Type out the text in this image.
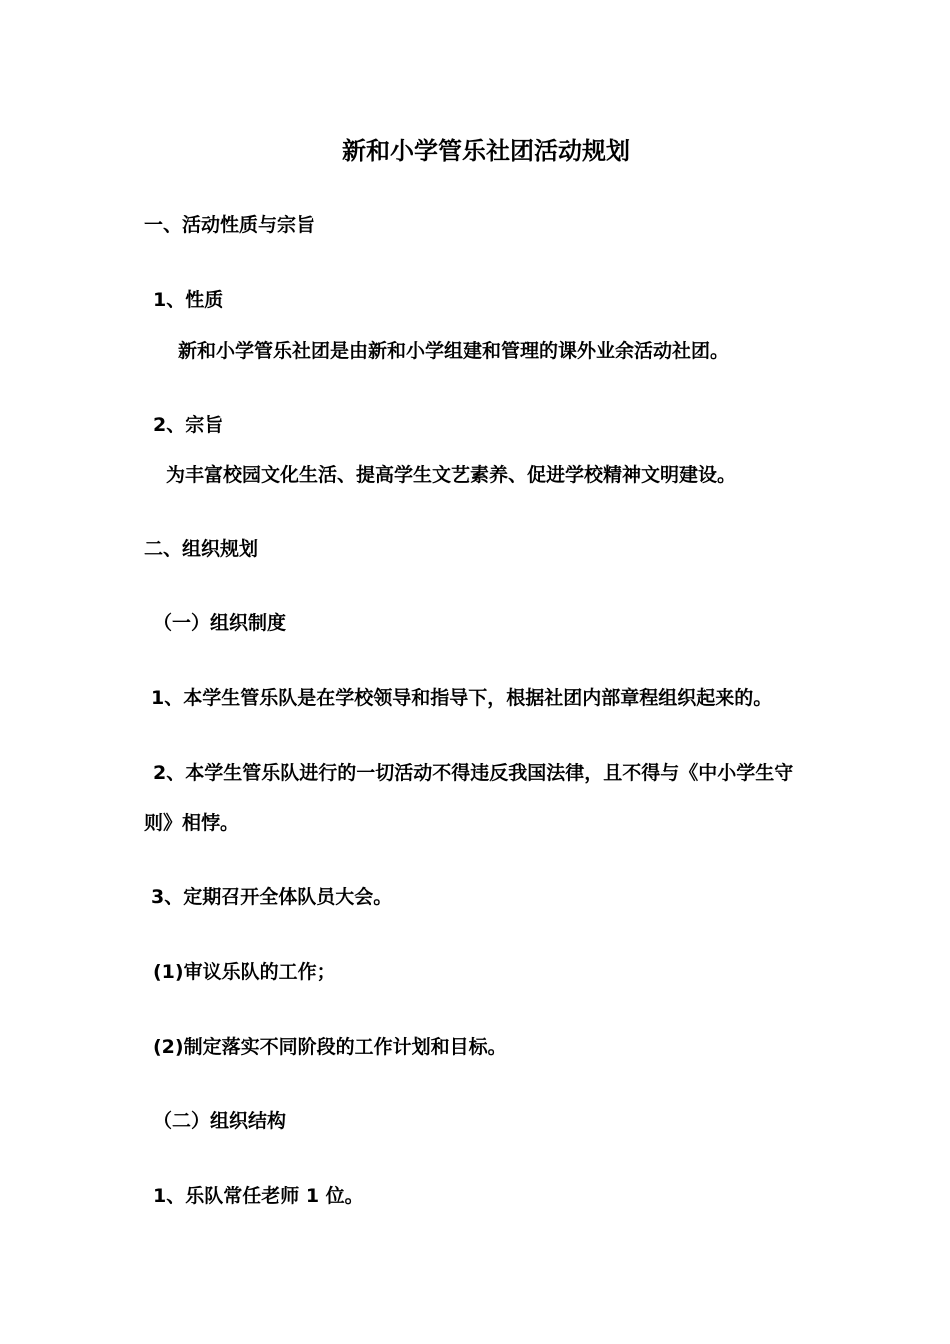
新和小学管乐社团活动规划
一、活动性质与宗旨
1、性质
新和小学管乐社团是由新和小学组建和管理的课外业余活动社团。
2、宗旨
为丰富校园文化生活、提高学生文艺素养、促进学校精神文明建设。
二、组织规划
（一）组织制度
1、本学生管乐队是在学校领导和指导下，根据社团内部章程组织起来的。
2、本学生管乐队进行的一切活动不得违反我国法律，且不得与《中小学生守
则》相悖。
3、定期召开全体队员大会。
(1)审议乐队的工作；
(2)制定落实不同阶段的工作计划和目标。
（二）组织结构
1、乐队常任老师 1 位。
